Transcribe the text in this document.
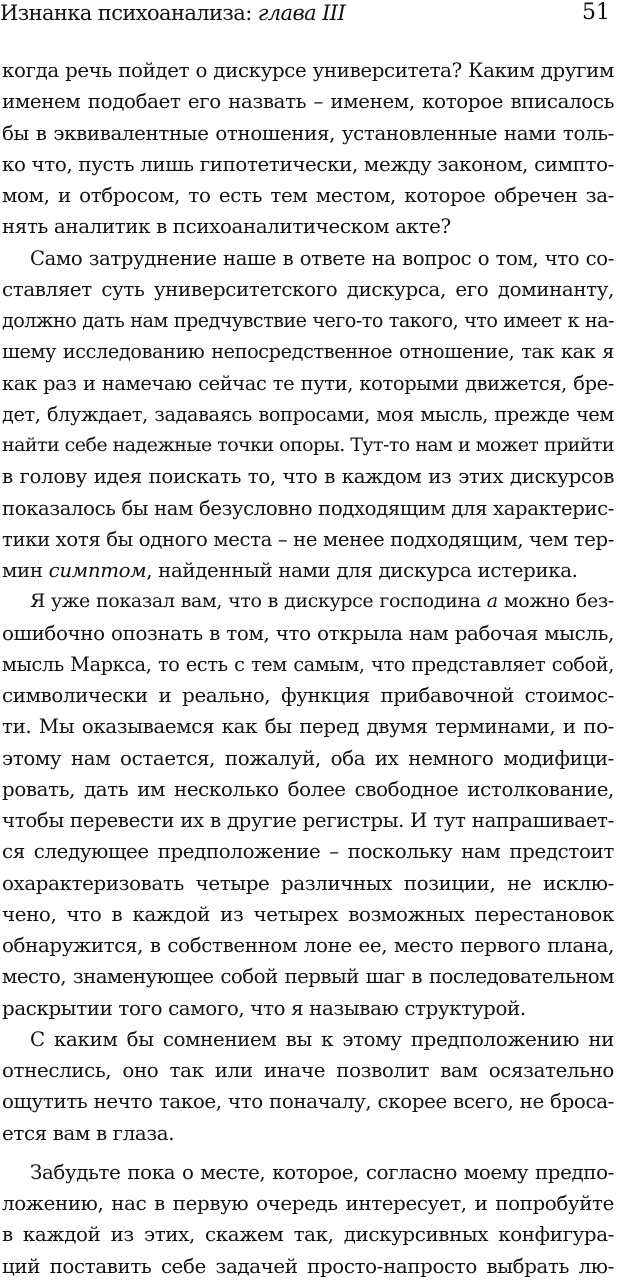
Изнанка психоанализа: глава III	51
когда речь пойдет о дискурсе университета? Каким другим
именем подобает его назвать – именем, которое вписалось
бы в эквивалентные отношения, установленные нами толь-
ко что, пусть лишь гипотетически, между законом, симпто-
мом, и отбросом, то есть тем местом, которое обречен за-
нять аналитик в психоаналитическом акте?
Само затруднение наше в ответе на вопрос о том, что со-
ставляет суть университетского дискурса, его доминанту,
должно дать нам предчувствие чего-то такого, что имеет к на-
шему исследованию непосредственное отношение, так как я
как раз и намечаю сейчас те пути, которыми движется, бре-
дет, блуждает, задаваясь вопросами, моя мысль, прежде чем
найти себе надежные точки опоры. Тут-то нам и может прийти
в голову идея поискать то, что в каждом из этих дискурсов
показалось бы нам безусловно подходящим для характерис-
тики хотя бы одного места – не менее подходящим, чем тер-
мин симптом, найденный нами для дискурса истерика.
Я уже показал вам, что в дискурсе господина а можно без-
ошибочно опознать в том, что открыла нам рабочая мысль,
мысль Маркса, то есть с тем самым, что представляет собой,
символически и реально, функция прибавочной стоимос-
ти. Мы оказываемся как бы перед двумя терминами, и по-
этому нам остается, пожалуй, оба их немного модифици-
ровать, дать им несколько более свободное истолкование,
чтобы перевести их в другие регистры. И тут напрашивает-
ся следующее предположение – поскольку нам предстоит
охарактеризовать четыре различных позиции, не исклю-
чено, что в каждой из четырех возможных перестановок
обнаружится, в собственном лоне ее, место первого плана,
место, знаменующее собой первый шаг в последовательном
раскрытии того самого, что я называю структурой.
С каким бы сомнением вы к этому предположению ни
отнеслись, оно так или иначе позволит вам осязательно
ощутить нечто такое, что поначалу, скорее всего, не броса-
ется вам в глаза.
Забудьте пока о месте, которое, согласно моему предпо-
ложению, нас в первую очередь интересует, и попробуйте
в каждой из этих, скажем так, дискурсивных конфигура-
ций поставить себе задачей просто-напросто выбрать лю-
